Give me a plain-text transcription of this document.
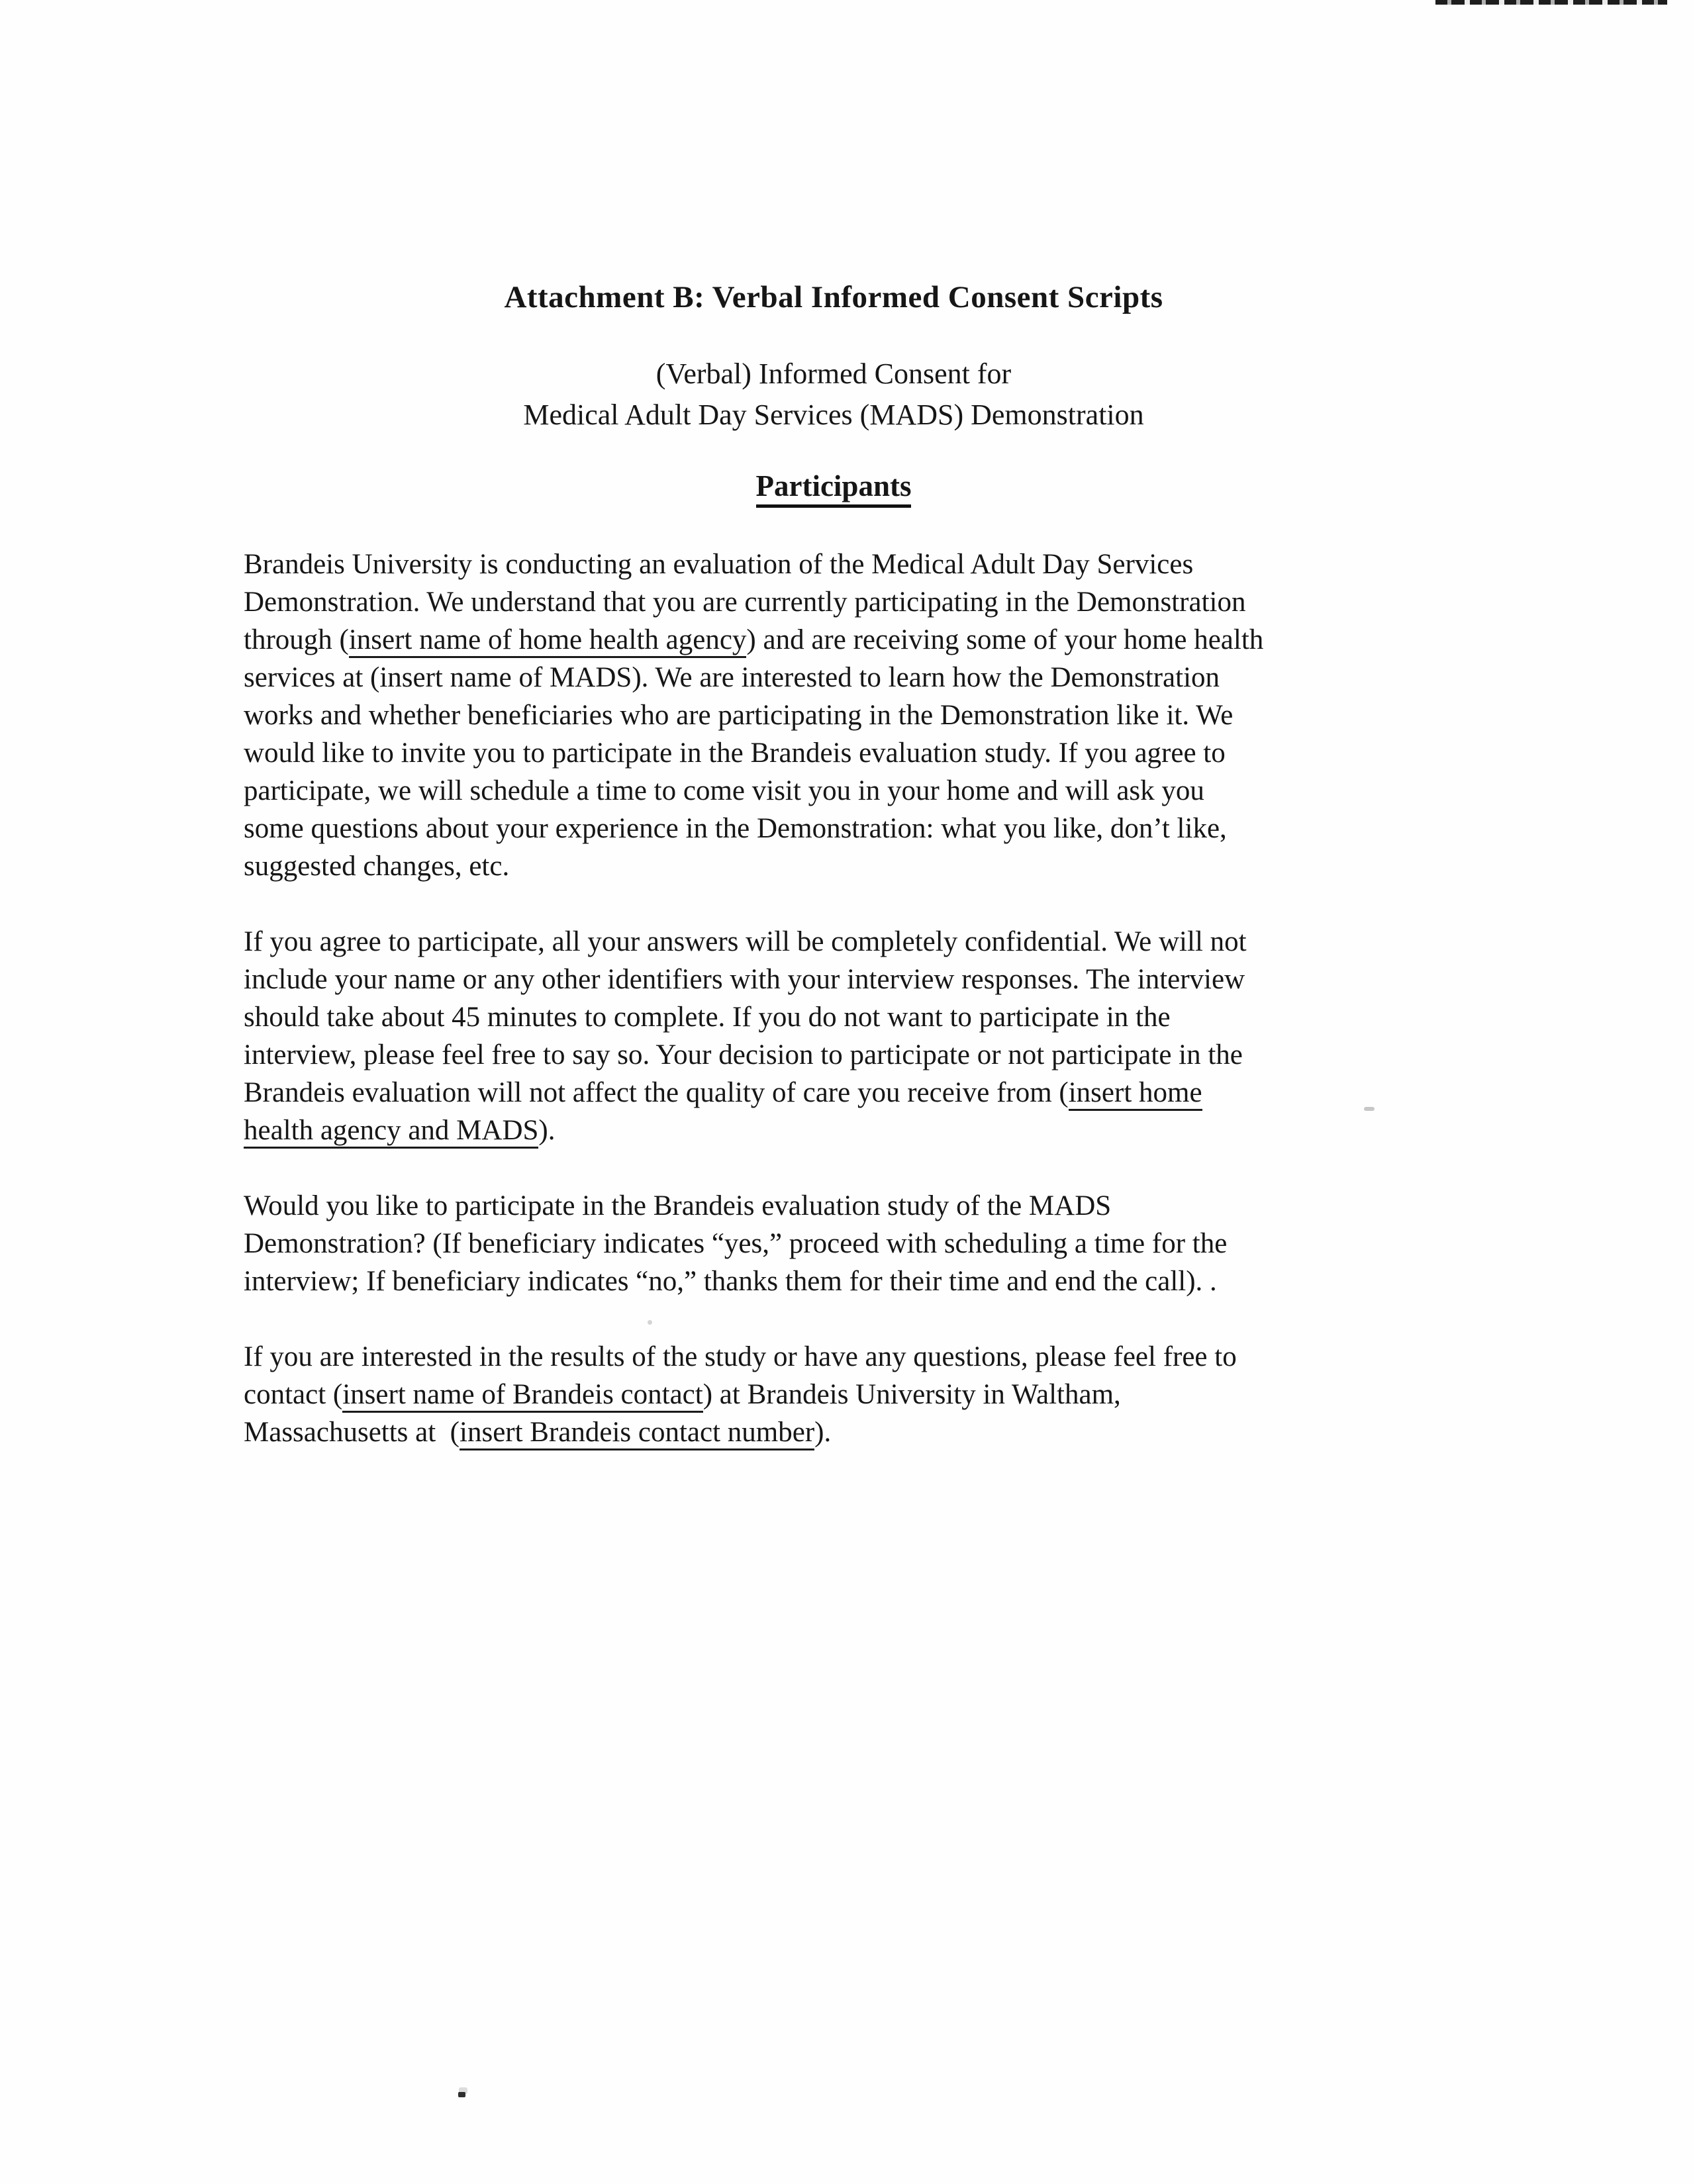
Attachment B: Verbal Informed Consent Scripts
(Verbal) Informed Consent for
Medical Adult Day Services (MADS) Demonstration
Participants
Brandeis University is conducting an evaluation of the Medical Adult Day Services
Demonstration. We understand that you are currently participating in the Demonstration
through (insert name of home health agency) and are receiving some of your home health
services at (insert name of MADS). We are interested to learn how the Demonstration
works and whether beneficiaries who are participating in the Demonstration like it. We
would like to invite you to participate in the Brandeis evaluation study. If you agree to
participate, we will schedule a time to come visit you in your home and will ask you
some questions about your experience in the Demonstration: what you like, don’t like,
suggested changes, etc.
If you agree to participate, all your answers will be completely confidential. We will not
include your name or any other identifiers with your interview responses. The interview
should take about 45 minutes to complete. If you do not want to participate in the
interview, please feel free to say so. Your decision to participate or not participate in the
Brandeis evaluation will not affect the quality of care you receive from (insert home
health agency and MADS).
Would you like to participate in the Brandeis evaluation study of the MADS
Demonstration? (If beneficiary indicates “yes,” proceed with scheduling a time for the
interview; If beneficiary indicates “no,” thanks them for their time and end the call). .
If you are interested in the results of the study or have any questions, please feel free to
contact (insert name of Brandeis contact) at Brandeis University in Waltham,
Massachusetts at  (insert Brandeis contact number).
